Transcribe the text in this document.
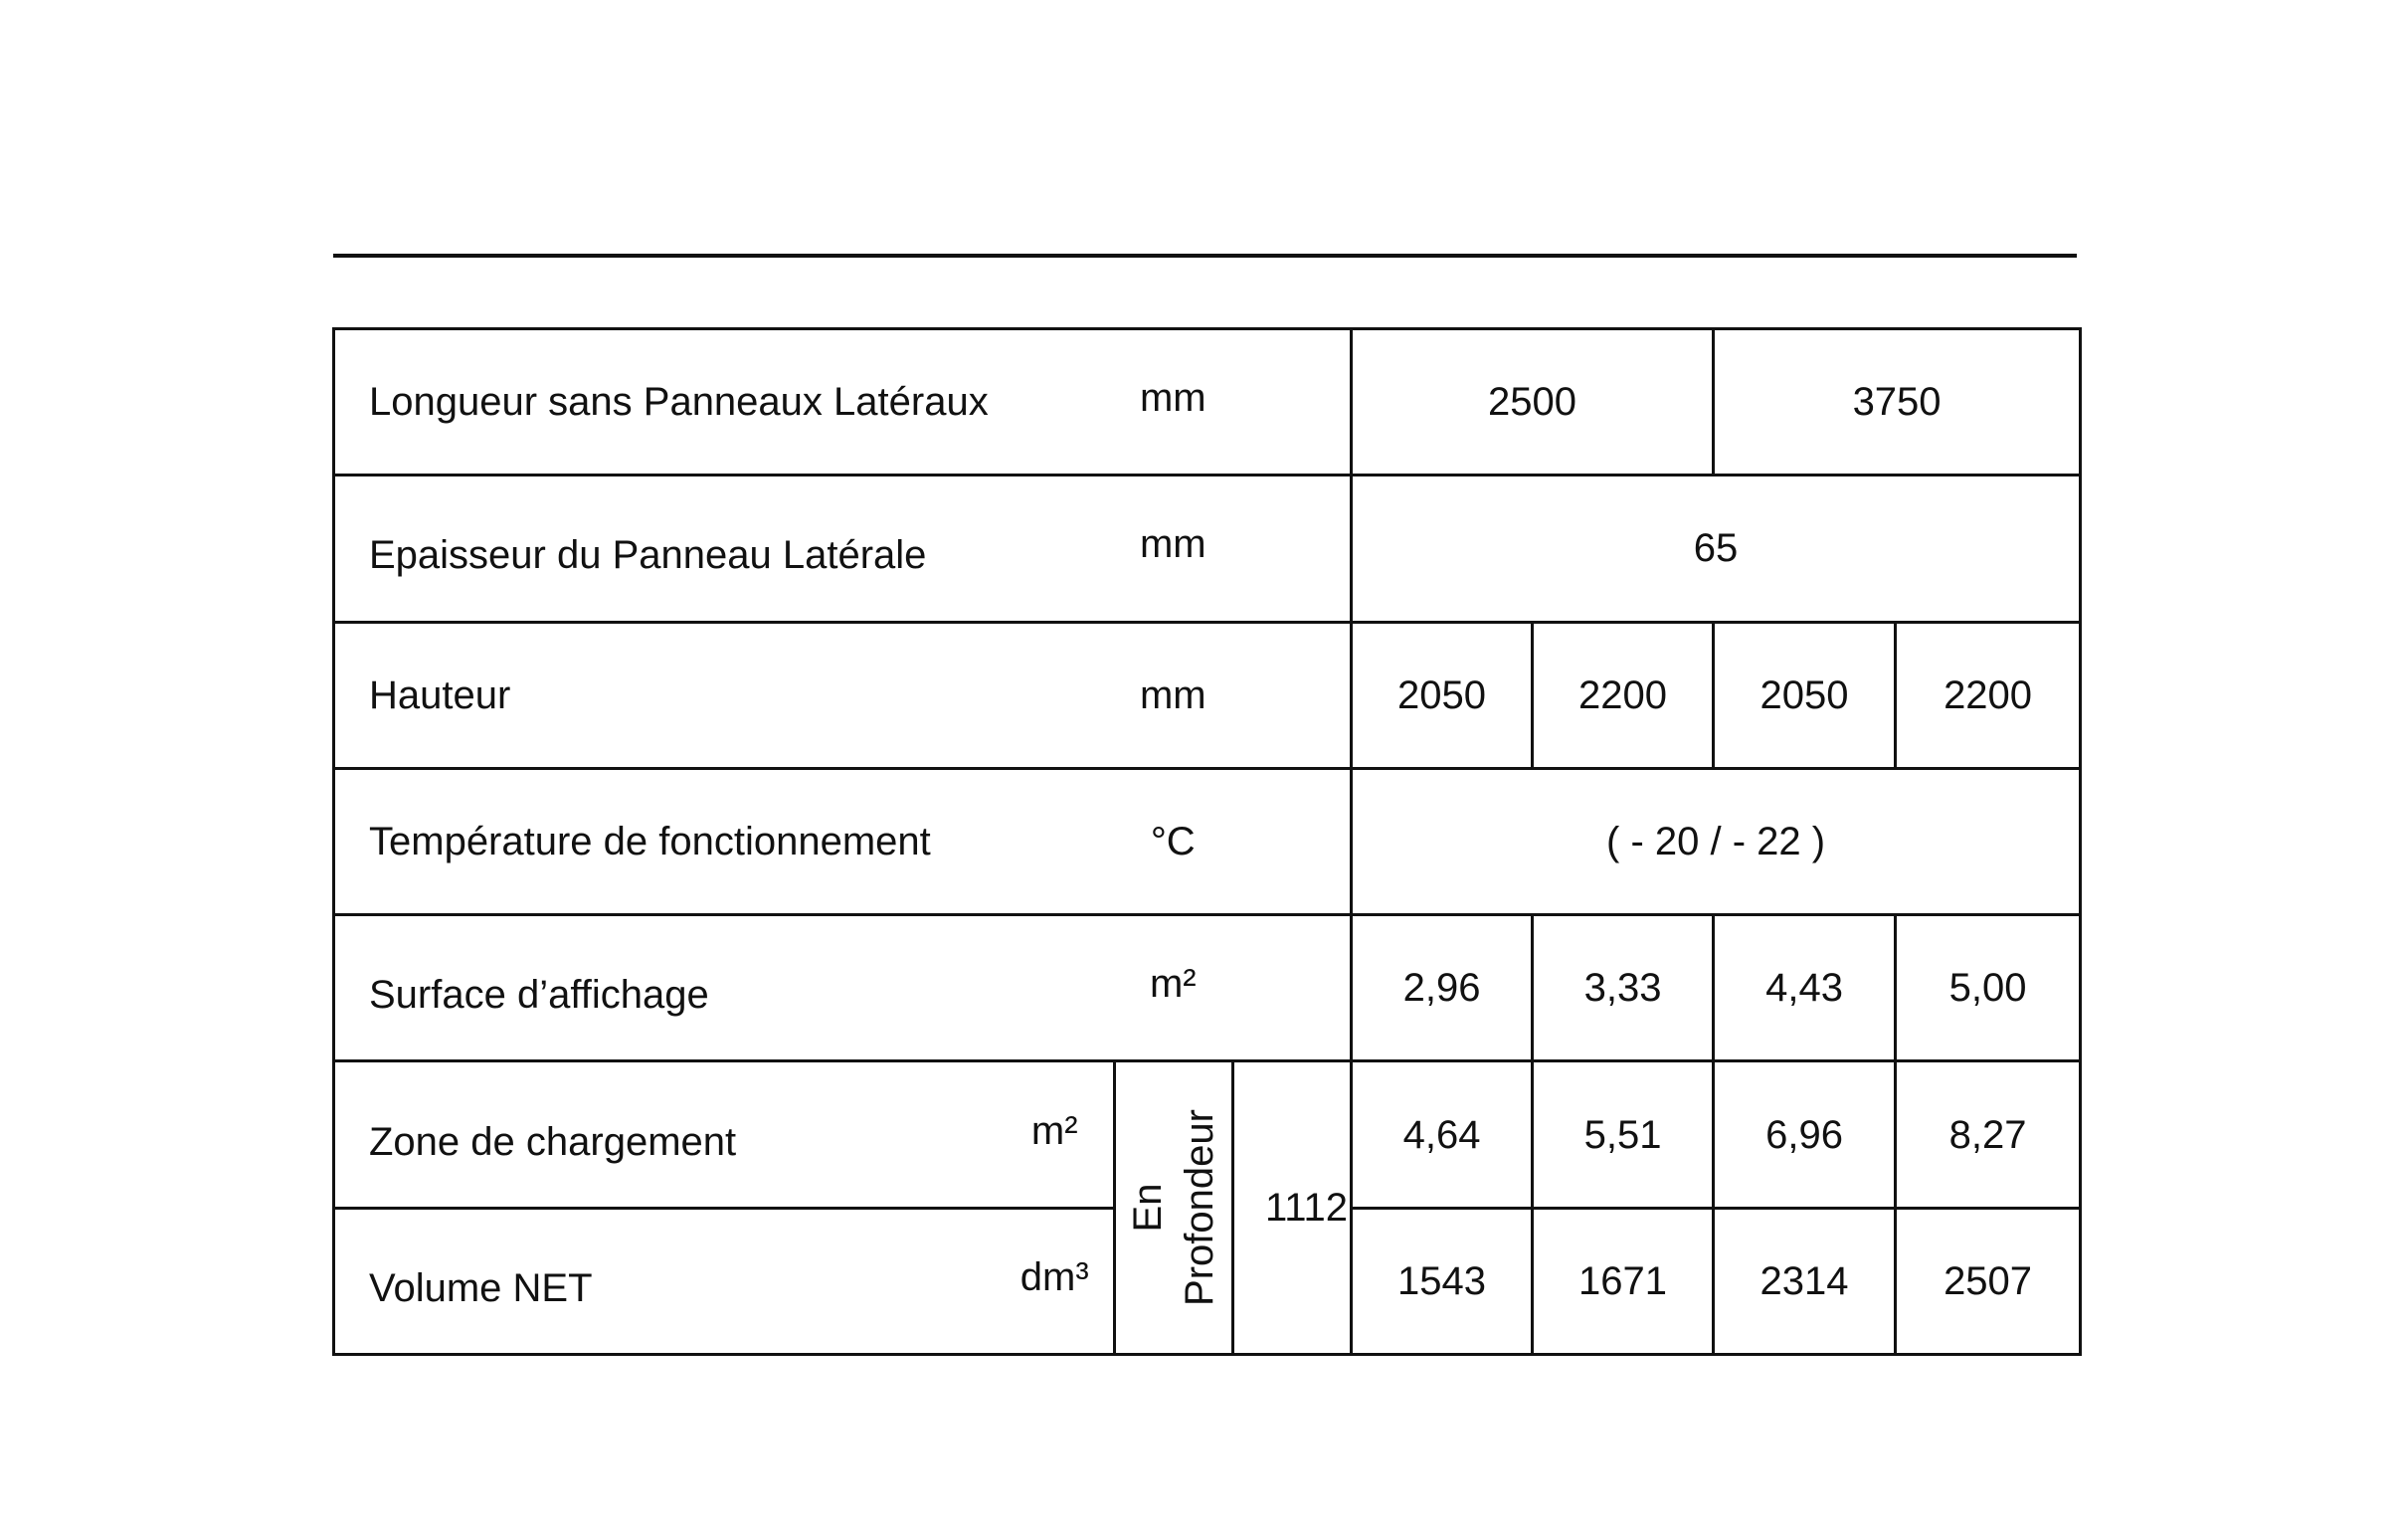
Longueur sans Panneaux Latéraux	mm			2500		3750	
Epaisseur du Panneau Latérale	mm			65			
Hauteur	mm			2050	2200	2050	2200
Température de fonctionnement	°C			( - 20 / - 22 )			
Surface d’affichage	m²			2,96	3,33	4,43	5,00
Zone de chargement	m²	En Profondeur	1112	4,64	5,51	6,96	8,27
Volume NET	dm³			1543	1671	2314	2507
